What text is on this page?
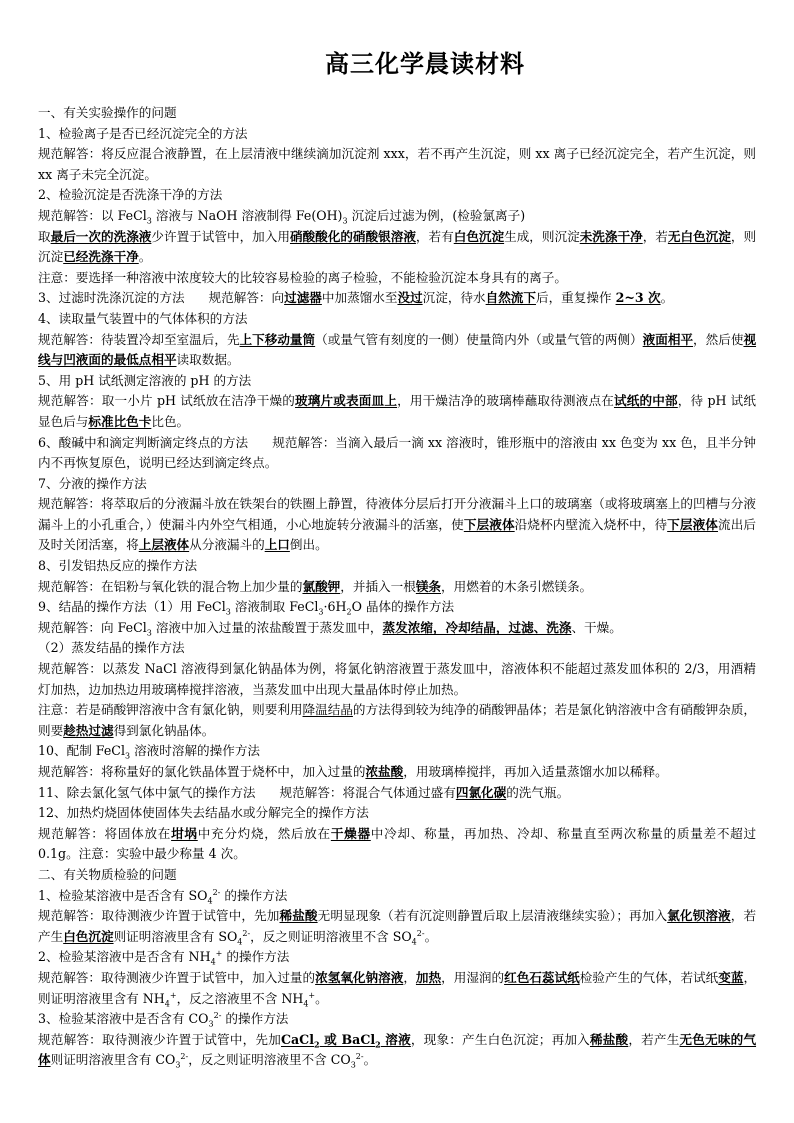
高三化学晨读材料

一、有关实验操作的问题

1、检验离子是否已经沉淀完全的方法

规范解答：将反应混合液静置，在上层清液中继续滴加沉淀剂 xxx，若不再产生沉淀，则 xx 离子已经沉淀完全，若产生沉淀，则 xx 离子未完全沉淀。

2、检验沉淀是否洗涤干净的方法

规范解答：以 FeCl$_3$ 溶液与 NaOH 溶液制得 $Fe(OH)_3$ 沉淀后过滤为例，(检验氯离子)

取最后一次的洗涤液少许置于试管中，加入用硝酸酸化的硝酸银溶液，若有白色沉淀生成，则沉淀未洗涤干净，若无白色沉淀，则沉淀已经洗涤干净。

注意：要选择一种溶液中浓度较大的比较容易检验的离子检验，不能检验沉淀本身具有的离子。

3、过滤时洗涤沉淀的方法 规范解答：向过滤器中加蒸馏水至没过沉淀，待水自然流下后，重复操作 2~3 次。

4、读取量气装置中的气体体积的方法

规范解答：待装置冷却至室温后，先上下移动量筒（或量气管有刻度的一侧）使量筒内外（或量气管的两侧）液面相平，然后使视线与凹液面的最低点相平读取数据。

5、用 pH 试纸测定溶液的 pH 的方法

规范解答：取一小片 pH 试纸放在洁净干燥的玻璃片或表面皿上，用干燥洁净的玻璃棒蘸取待测液点在试纸的中部，待 pH 试纸显色后与标准比色卡比色。

6、酸碱中和滴定判断滴定终点的方法 规范解答：当滴入最后一滴 xx 溶液时，锥形瓶中的溶液由 xx 色变为 xx 色，且半分钟内不再恢复原色，说明已经达到滴定终点。

7、分液的操作方法

规范解答：将萃取后的分液漏斗放在铁架台的铁圈上静置，待液体分层后打开分液漏斗上口的玻璃塞（或将玻璃塞上的凹槽与分液漏斗上的小孔重合，）使漏斗内外空气相通，小心地旋转分液漏斗的活塞，使下层液体沿烧杯内壁流入烧杯中，待下层液体流出后及时关闭活塞，将上层液体从分液漏斗的上口倒出。

8、引发铝热反应的操作方法

规范解答：在铝粉与氧化铁的混合物上加少量的氯酸钾，并插入一根镁条，用燃着的木条引燃镁条。

9、结晶的操作方法（1）用 FeCl$_3$ 溶液制取 $FeCl_3\cdot 6H_2O$ 晶体的操作方法

规范解答：向 FeCl$_3$ 溶液中加入过量的浓盐酸置于蒸发皿中，蒸发浓缩，冷却结晶，过滤、洗涤、干燥。

（2）蒸发结晶的操作方法

规范解答：以蒸发 NaCl 溶液得到氯化钠晶体为例，将氯化钠溶液置于蒸发皿中，溶液体积不能超过蒸发皿体积的 2/3，用酒精灯加热，边加热边用玻璃棒搅拌溶液，当蒸发皿中出现大量晶体时停止加热。

注意：若是硝酸钾溶液中含有氯化钠，则要利用降温结晶的方法得到较为纯净的硝酸钾晶体；若是氯化钠溶液中含有硝酸钾杂质，则要趁热过滤得到氯化钠晶体。

10、配制 FeCl$_3$ 溶液时溶解的操作方法

规范解答：将称量好的氯化铁晶体置于烧杯中，加入过量的浓盐酸，用玻璃棒搅拌，再加入适量蒸馏水加以稀释。

11、除去氯化氢气体中氯气的操作方法 规范解答：将混合气体通过盛有四氯化碳的洗气瓶。

12、加热灼烧固体使固体失去结晶水或分解完全的操作方法

规范解答：将固体放在坩埚中充分灼烧，然后放在干燥器中冷却、称量，再加热、冷却、称量直至两次称量的质量差不超过 0.1g。注意：实验中最少称量 4 次。

二、有关物质检验的问题

1、检验某溶液中是否含有 $SO_4^{2-}$ 的操作方法

规范解答：取待测液少许置于试管中，先加稀盐酸无明显现象（若有沉淀则静置后取上层清液继续实验）；再加入氯化钡溶液，若产生白色沉淀则证明溶液里含有 $SO_4^{2-}$，反之则证明溶液里不含 $SO_4^{2-}$。

2、检验某溶液中是否含有 $NH_4^+$ 的操作方法

规范解答：取待测液少许置于试管中，加入过量的浓氢氧化钠溶液，加热，用湿润的红色石蕊试纸检验产生的气体，若试纸变蓝，则证明溶液里含有 $NH_4^+$，反之溶液里不含 $NH_4^+$。

3、检验某溶液中是否含有 $CO_3^{2-}$ 的操作方法

规范解答：取待测液少许置于试管中，先加CaCl$_2$ 或 BaCl$_2$ 溶液，现象：产生白色沉淀；再加入稀盐酸，若产生无色无味的气体则证明溶液里含有 $CO_3^{2-}$，反之则证明溶液里不含 $CO_3^{2-}$。
